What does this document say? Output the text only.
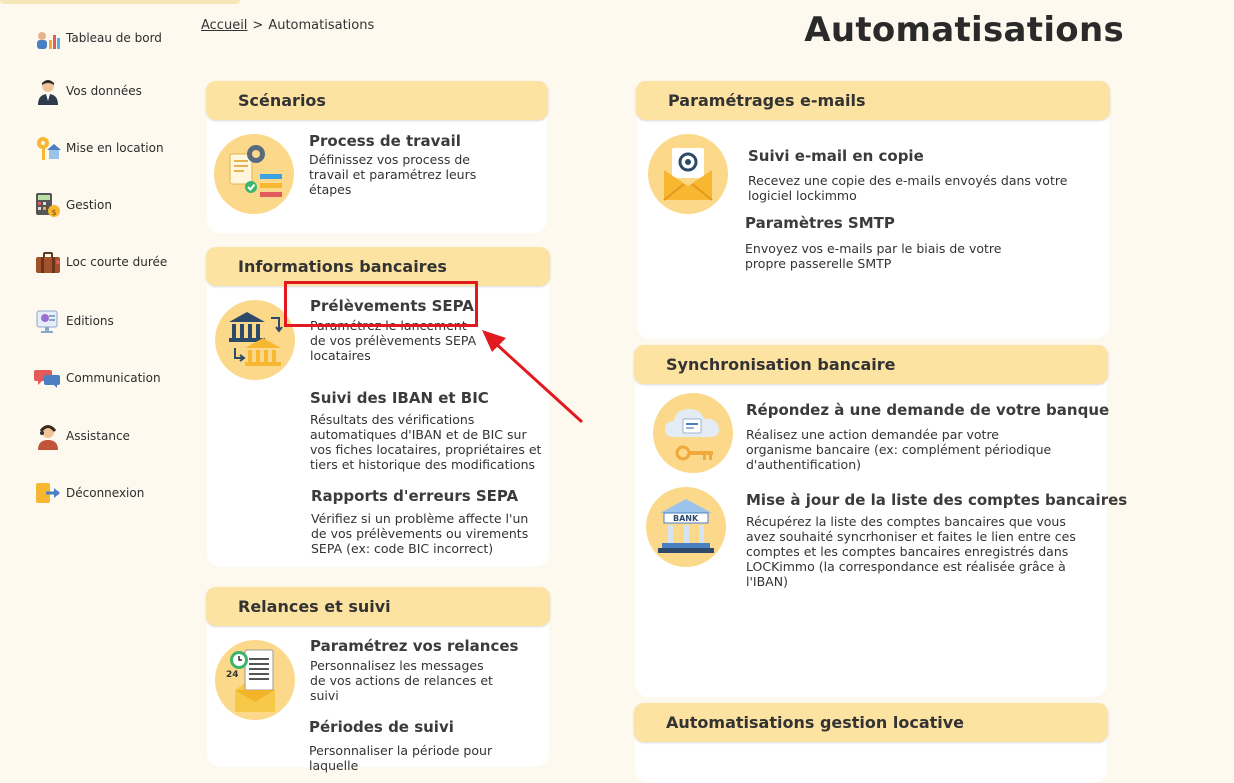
Tableau de bord
Vos données
Mise en location
$
Gestion
Loc courte durée
Editions
Communication
Assistance
Déconnexion
Accueil > Automatisations	Automatisations
Scénarios
Process de travail
Définissez vos process de travail et paramétrez leurs étapes
Informations bancaires
Prélèvements SEPA
Paramétrez le lancement de vos prélèvements SEPA locataires
Suivi des IBAN et BIC
Résultats des vérifications automatiques d'IBAN et de BIC sur vos fiches locataires, propriétaires et tiers et historique des modifications
Rapports d'erreurs SEPA
Vérifiez si un problème affecte l'un de vos prélèvements ou virements SEPA (ex: code BIC incorrect)
Relances et suivi
24
Paramétrez vos relances
Personnalisez les messages de vos actions de relances et suivi
Périodes de suivi
Personnaliser la période pour laquelle
Paramétrages e-mails
Suivi e-mail en copie
Recevez une copie des e-mails envoyés dans votre logiciel lockimmo
Paramètres SMTP
Envoyez vos e-mails par le biais de votre propre passerelle SMTP
Synchronisation bancaire
Répondez à une demande de votre banque
Réalisez une action demandée par votre organisme bancaire (ex: complément périodique d'authentification)
BANK
Mise à jour de la liste des comptes bancaires
Récupérez la liste des comptes bancaires que vous avez souhaité syncrhoniser et faites le lien entre ces comptes et les comptes bancaires enregistrés dans LOCKimmo (la correspondance est réalisée grâce à l'IBAN)
Automatisations gestion locative
